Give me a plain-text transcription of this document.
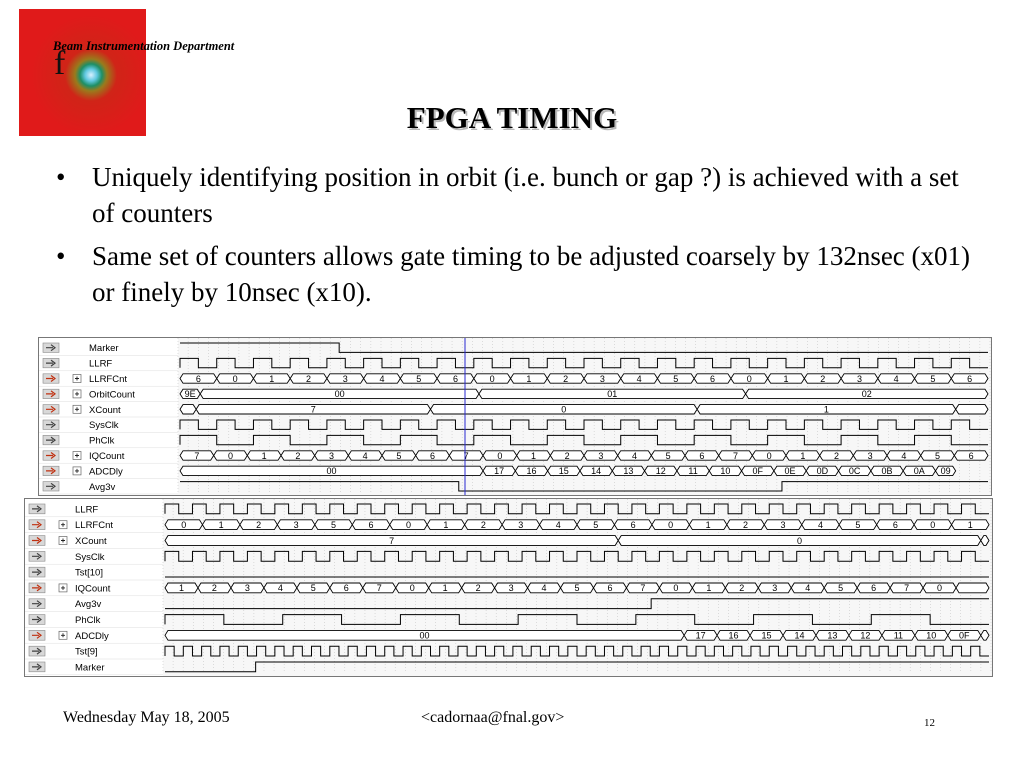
f
Beam Instrumentation Department
FPGA TIMING
• Uniquely identifying position in orbit (i.e. bunch or gap ?) is achieved with a set of counters
• Same set of counters allows gate timing to be adjusted coarsely by 132nsec (x01) or finely by 10nsec (x10).
Marker
LLRF
LLRFCnt	6	0	1	2	3	4	5	6	0	1	2	3	4	5	6	0	1	2	3	4	5	6
OrbitCount	9E	00	01	02
XCount	7	0	1
SysClk
PhClk
IQCount	7	0	1	2	3	4	5	6	7	0	1	2	3	4	5	6	7	0	1	2	3	4	5	6
ADCDly	00	17 16 15 14 13 12	11	10 0F 0E 0D 0C 0B 0A 09
Avg3v
LLRF
LLRFCnt	0	1	2	3	5	6	0	1	2	3	4	5	6	0	1	2	3	4	5	6	0	1
XCount	7	0
SysClk
Tst[10]
IQCount	1	2	3	4	5	6	7	0	1	2	3	4	5	6	7	0	1	2	3	4	5	6	7	0
Avg3v
PhClk
ADCDly	00	17	16	15	14	13	12	11	10	0F
Tst[9]
Marker
Wednesday May 18, 2005	<cadornaa@fnal.gov>	12
